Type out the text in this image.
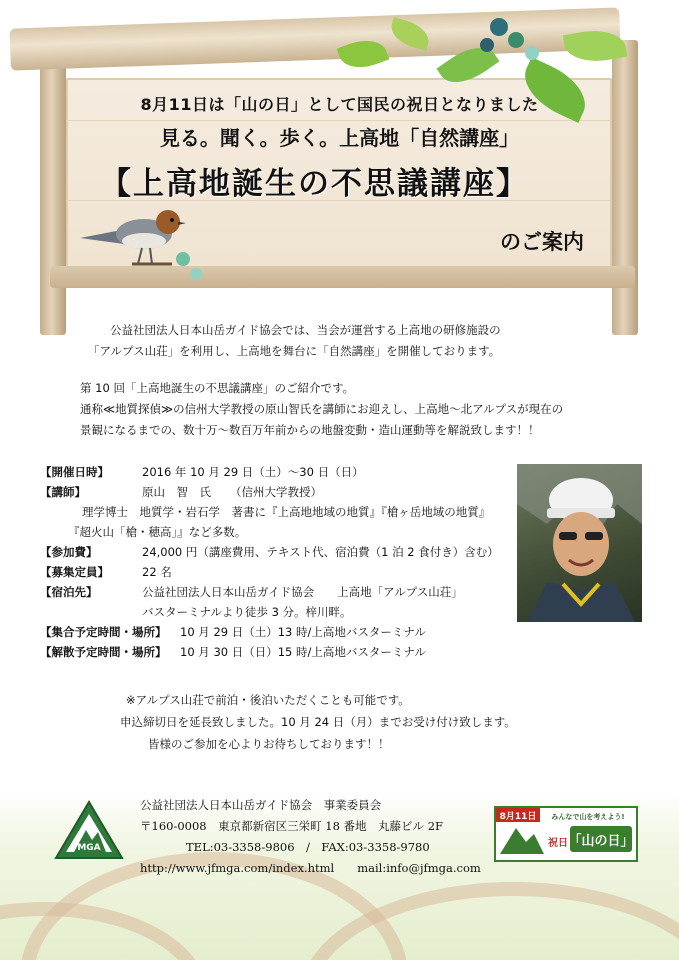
8月11日は「山の日」として国民の祝日となりました
見る。聞く。歩く。上高地「自然講座」
【上高地誕生の不思議講座】
のご案内

公益社団法人日本山岳ガイド協会では、当会が運営する上高地の研修施設の

「アルプス山荘」を利用し、上高地を舞台に「自然講座」を開催しております。

第 10 回「上高地誕生の不思議講座」のご紹介です。

通称≪地質探偵≫の信州大学教授の原山智氏を講師にお迎えし、上高地〜北アルプスが現在の

景観になるまでの、数十万〜数百万年前からの地盤変動・造山運動等を解説致します！！

【開催日時】	2016 年 10 月 29 日（土）〜30 日（日）
【講師】	原山　智　氏 （信州大学教授）
理学博士　地質学・岩石学　著書に『上高地地域の地質』『槍ヶ岳地域の地質』
『超火山「槍・穂高」』など多数。
【参加費】	24,000 円（講座費用、テキスト代、宿泊費（1 泊 2 食付き）含む）
【募集定員】	22 名
【宿泊先】	公益社団法人日本山岳ガイド協会　　上高地「アルプス山荘」
バスターミナルより徒歩 3 分。梓川畔。
【集合予定時間・場所】 10 月 29 日（土）13 時/上高地バスターミナル
【解散予定時間・場所】 10 月 30 日（日）15 時/上高地バスターミナル

※アルプス山荘で前泊・後泊いただくことも可能です。

申込締切日を延長致しました。10 月 24 日（月）までお受け付け致します。

皆様のご参加を心よりお待ちしております！！

MGA

公益社団法人日本山岳ガイド協会　事業委員会

〒160-0008　東京都新宿区三栄町 18 番地　丸藤ビル 2F

TEL:03-3358-9806　/　FAX:03-3358-9780

http://www.jfmga.com/index.html　　mail:info@jfmga.com

8月11日 みんなで山を考えよう!
祝日 「山の日」
